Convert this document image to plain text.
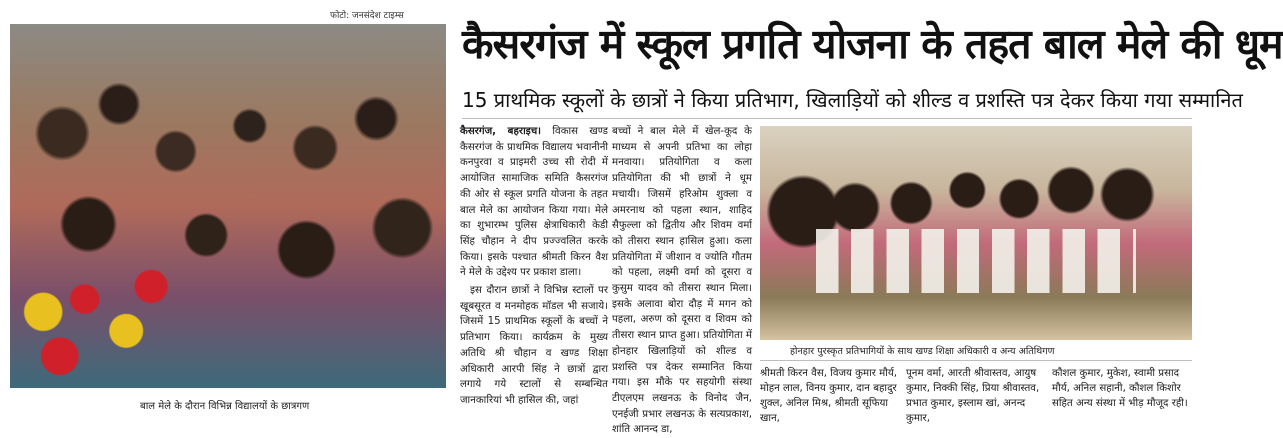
फोटो: जनसंदेश टाइम्स
बाल मेले के दौरान विभिन्न विद्यालयों के छात्रगण
कैसरगंज में स्कूल प्रगति योजना के तहत बाल मेले की धूम
15 प्राथमिक स्कूलों के छात्रों ने किया प्रतिभाग, खिलाड़ियों को शील्ड व प्रशस्ति पत्र देकर किया गया सम्मानित
कैसरगंज, बहराइच। विकास खण्ड कैसरगंज के प्राथमिक विद्यालय भवानीनी कनपुरवा व प्राइमरी उच्च सी रोदी में आयोजित सामाजिक समिति कैसरगंज की ओर से स्कूल प्रगति योजना के तहत बाल मेले का आयोजन किया गया। मेले का शुभारम्भ पुलिस क्षेत्राधिकारी केडी सिंह चौहान ने दीप प्रज्ज्वलित करके किया। इसके पश्चात श्रीमती किरन वैश ने मेले के उद्देश्य पर प्रकाश डाला।
इस दौरान छात्रों ने विभिन्न स्टालों पर खूबसूरत व मनमोहक मॉडल भी सजाये। जिसमें 15 प्राथमिक स्कूलों के बच्चों ने प्रतिभाग किया। कार्यक्रम के मुख्य अतिथि श्री चौहान व खण्ड शिक्षा अधिकारी आरपी सिंह ने छात्रों द्वारा लगाये गये स्टालों से सम्बन्धित जानकारियां भी हासिल की, जहां
बच्चों ने बाल मेले में खेल-कूद के माध्यम से अपनी प्रतिभा का लोहा मनवाया। प्रतियोगिता व कला प्रतियोगिता की भी छात्रों ने धूम मचायी। जिसमें हरिओम शुक्ला व अमरनाथ को पहला स्थान, शाहिद सैफुल्ला को द्वितीय और शिवम वर्मा को तीसरा स्थान हासिल हुआ। कला प्रतियोगिता में जीशान व ज्योति गौतम को पहला, लक्ष्मी वर्मा को दूसरा व कुसुम यादव को तीसरा स्थान मिला। इसके अलावा बोरा दौड़ में मगन को पहला, अरुण को दूसरा व शिवम को तीसरा स्थान प्राप्त हुआ। प्रतियोगिता में होनहार खिलाड़ियों को शील्ड व प्रशस्ति पत्र देकर सम्मानित किया गया। इस मौके पर सहयोगी संस्था टीएलएम लखनऊ के विनोद जैन, एनईजी प्रभार लखनऊ के सत्यप्रकाश, शांति आनन्द डा,
होनहार पुरस्कृत प्रतिभागियों के साथ खण्ड शिक्षा अधिकारी व अन्य अतिथिगण
श्रीमती किरन वैस, विजय कुमार मौर्य, मोहन लाल, विनय कुमार, दान बहादुर शुक्ल, अनिल मिश्र, श्रीमती सूफिया खान,
पूनम वर्मा, आरती श्रीवास्तव, आयुष कुमार, निक्की सिंह, प्रिया श्रीवास्तव, प्रभात कुमार, इस्लाम खां, अनन्द कुमार,
कौशल कुमार, मुकेश, स्वामी प्रसाद मौर्य, अनिल सहानी, कौशल किशोर सहित अन्य संस्था में भीड़ मौजूद रही।
